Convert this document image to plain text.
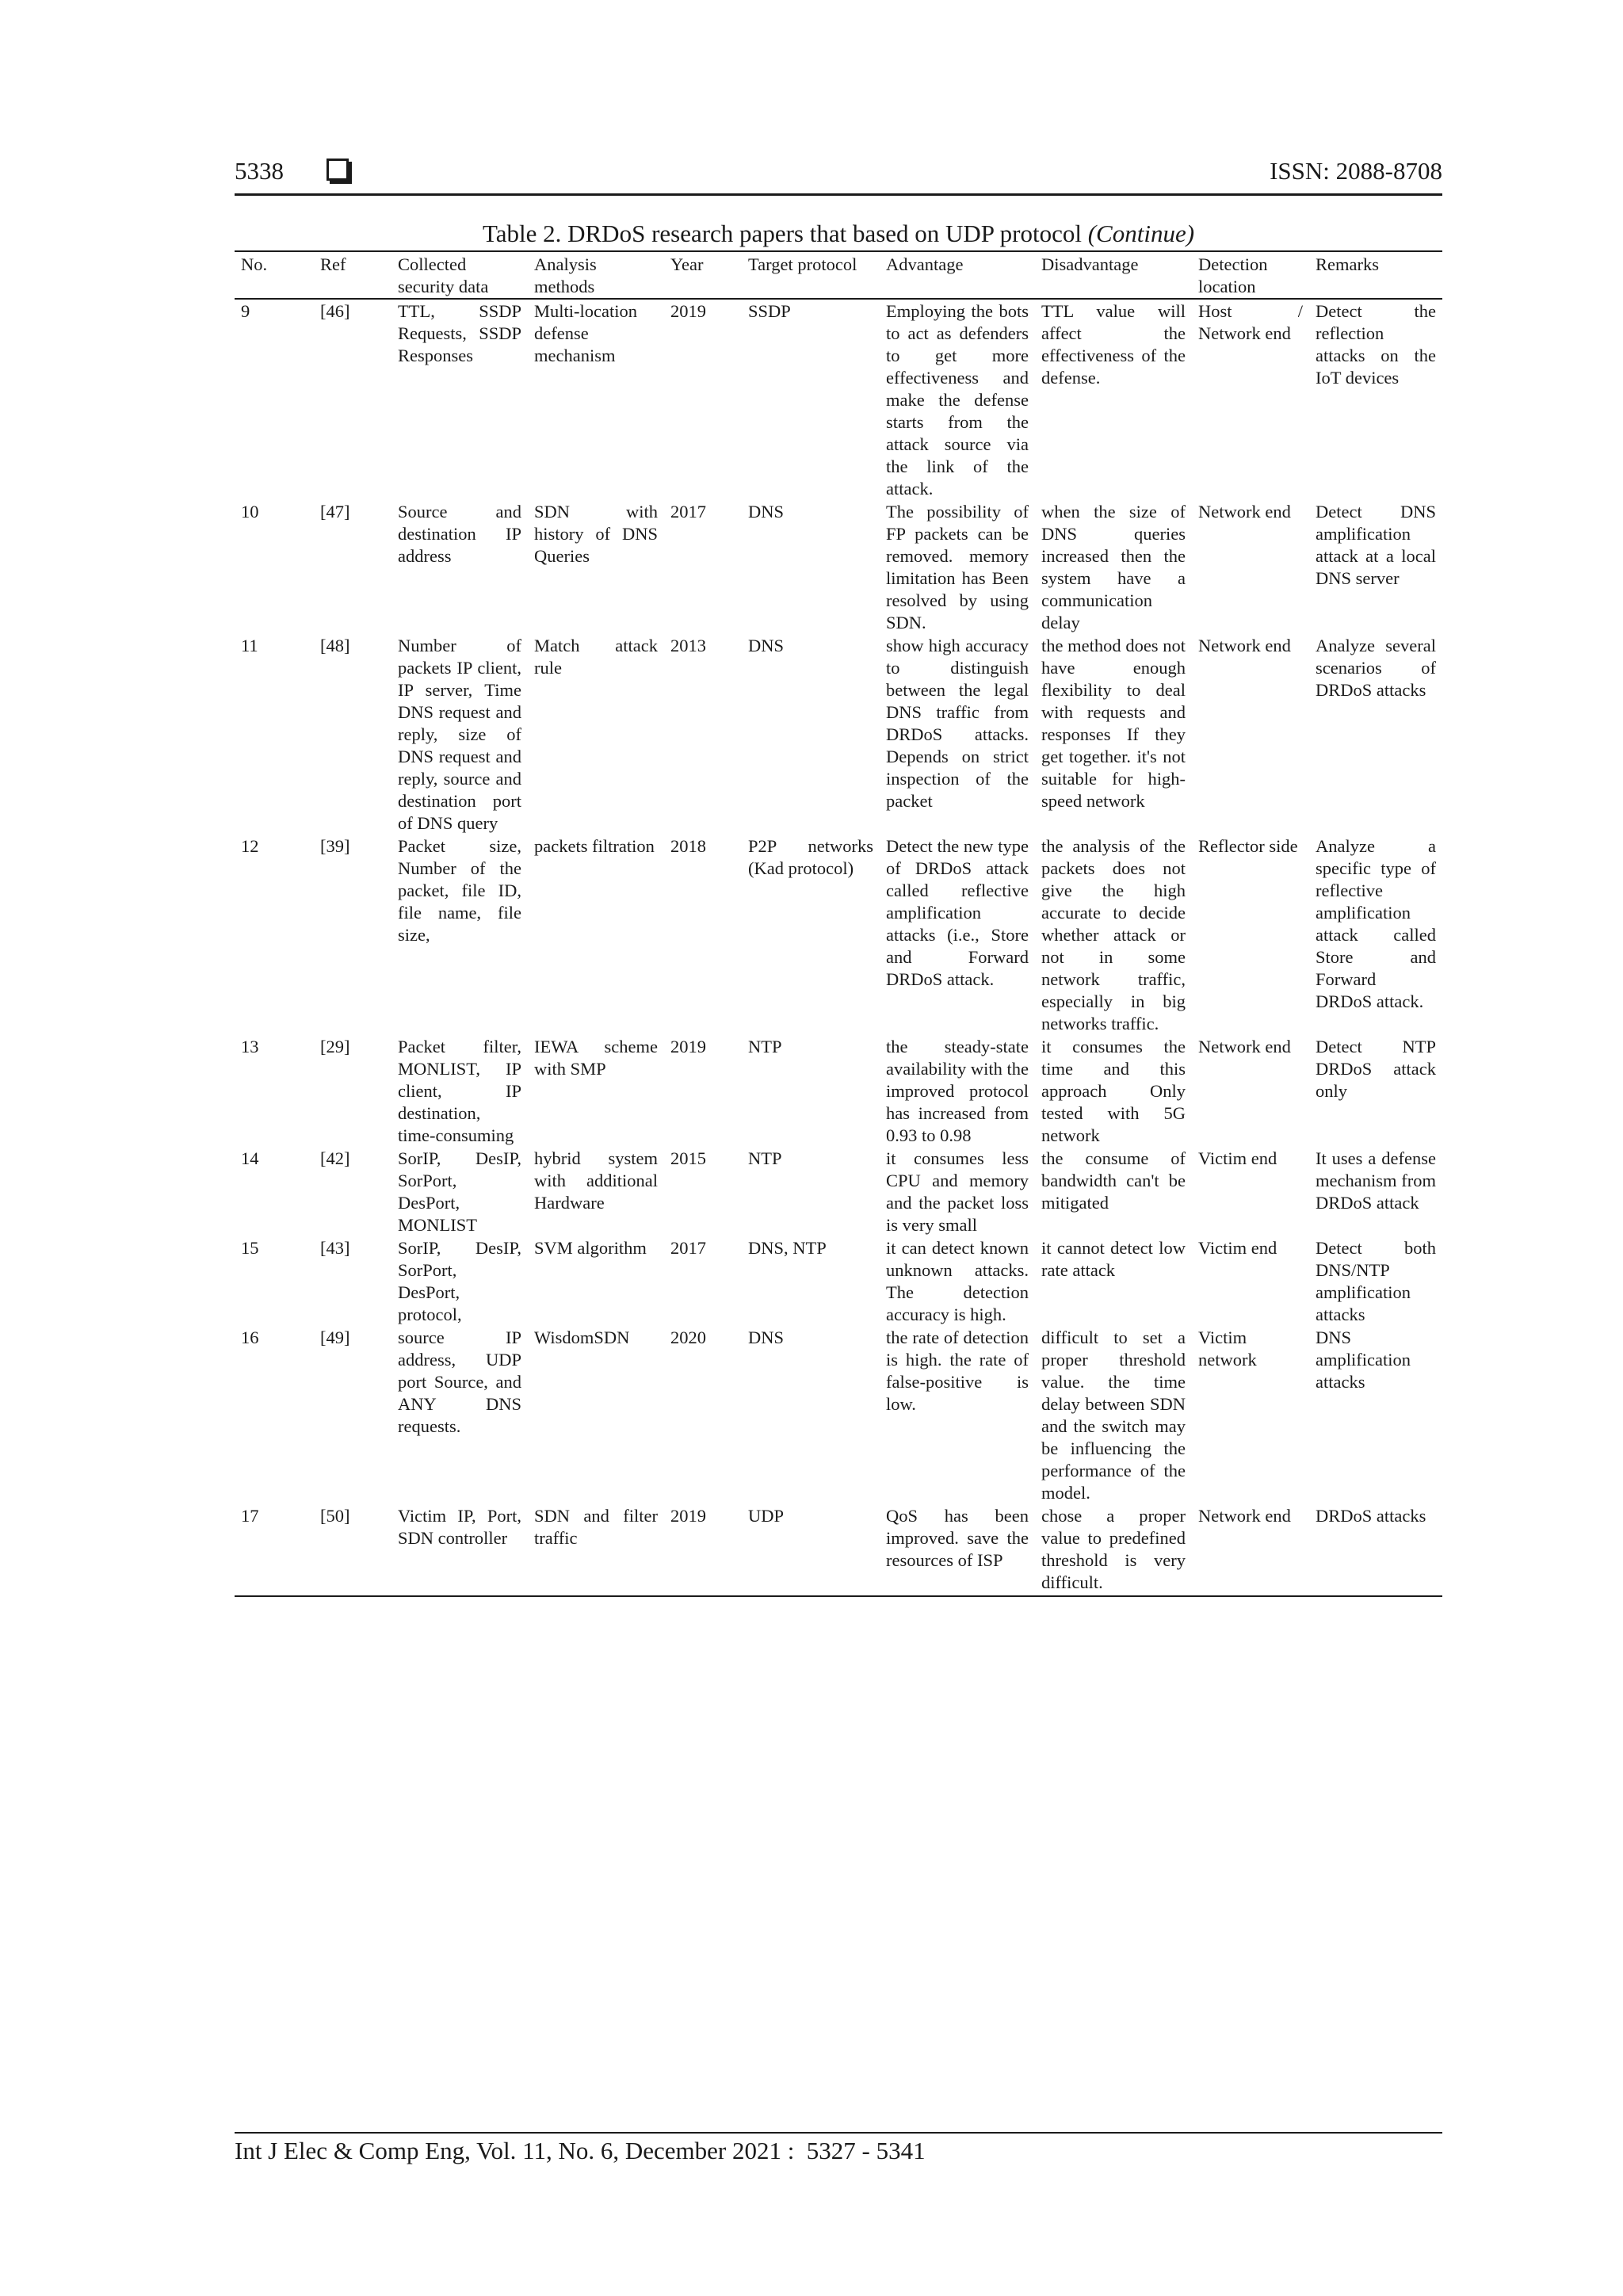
5338	ISSN: 2088-8708
Table 2. DRDoS research papers that based on UDP protocol (Continue)
No.	Ref	Collected security data	Analysis methods	Year	Target protocol	Advantage	Disadvantage	Detection location	Remarks
9	[46]	TTL, SSDP Requests, SSDP Responses	Multi-location defense mechanism	2019	SSDP	Employing the bots to act as defenders to get more effectiveness and make the defense starts from the attack source via the link of the attack.	TTL value will affect the effectiveness of the defense.	Host / Network end	Detect the reflection attacks on the IoT devices
10	[47]	Source and destination IP address	SDN with history of DNS Queries	2017	DNS	The possibility of FP packets can be removed. memory limitation has Been resolved by using SDN.	when the size of DNS queries increased then the system have a communication delay	Network end	Detect DNS amplification attack at a local DNS server
11	[48]	Number of packets IP client, IP server, Time DNS request and reply, size of DNS request and reply, source and destination port of DNS query	Match attack rule	2013	DNS	show high accuracy to distinguish between the legal DNS traffic from DRDoS attacks. Depends on strict inspection of the packet	the method does not have enough flexibility to deal with requests and responses If they get together. it's not suitable for high-speed network	Network end	Analyze several scenarios of DRDoS attacks
12	[39]	Packet size, Number of the packet, file ID, file name, file size,	packets filtration	2018	P2P networks (Kad protocol)	Detect the new type of DRDoS attack called reflective amplification attacks (i.e., Store and Forward DRDoS attack.	the analysis of the packets does not give the high accurate to decide whether attack or not in some network traffic, especially in big networks traffic.	Reflector side	Analyze a specific type of reflective amplification attack called Store and Forward DRDoS attack.
13	[29]	Packet filter, MONLIST, IP client, IP destination, time-consuming	IEWA scheme with SMP	2019	NTP	the steady-state availability with the improved protocol has increased from 0.93 to 0.98	it consumes the time and this approach Only tested with 5G network	Network end	Detect NTP DRDoS attack only
14	[42]	SorIP, DesIP, SorPort, DesPort, MONLIST	hybrid system with additional Hardware	2015	NTP	it consumes less CPU and memory and the packet loss is very small	the consume of bandwidth can't be mitigated	Victim end	It uses a defense mechanism from DRDoS attack
15	[43]	SorIP, DesIP, SorPort, DesPort, protocol,	SVM algorithm	2017	DNS, NTP	it can detect known unknown attacks. The detection accuracy is high.	it cannot detect low rate attack	Victim end	Detect both DNS/NTP amplification attacks
16	[49]	source IP address, UDP port Source, and ANY DNS requests.	WisdomSDN	2020	DNS	the rate of detection is high. the rate of false-positive is low.	difficult to set a proper threshold value. the time delay between SDN and the switch may be influencing the performance of the model.	Victim network	DNS amplification attacks
17	[50]	Victim IP, Port, SDN controller	SDN and filter traffic	2019	UDP	QoS has been improved. save the resources of ISP	chose a proper value to predefined threshold is very difficult.	Network end	DRDoS attacks
Int J Elec & Comp Eng, Vol. 11, No. 6, December 2021 :  5327 - 5341
